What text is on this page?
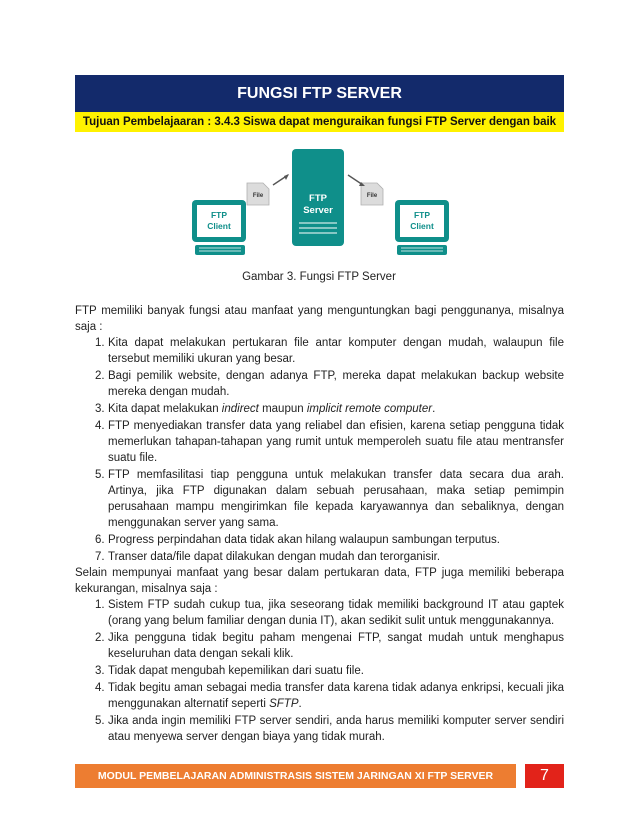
FUNGSI FTP SERVER
Tujuan Pembelajaaran : 3.4.3 Siswa dapat menguraikan fungsi FTP Server dengan baik
FTP
Client
FTP
Client
FTP
Server
File	File
Gambar 3. Fungsi FTP Server
FTP memiliki banyak fungsi atau manfaat yang menguntungkan bagi penggunanya, misalnya saja :
1. Kita dapat melakukan pertukaran file antar komputer dengan mudah, walaupun file tersebut memiliki ukuran yang besar.
2. Bagi pemilik website, dengan adanya FTP, mereka dapat melakukan backup website mereka dengan mudah.
3. Kita dapat melakukan indirect maupun implicit remote computer.
4. FTP menyediakan transfer data yang reliabel dan efisien, karena setiap pengguna tidak memerlukan tahapan-tahapan yang rumit untuk memperoleh suatu file atau mentransfer suatu file.
5. FTP memfasilitasi tiap pengguna untuk melakukan transfer data secara dua arah. Artinya, jika FTP digunakan dalam sebuah perusahaan, maka setiap pemimpin perusahaan mampu mengirimkan file kepada karyawannya dan sebaliknya, dengan menggunakan server yang sama.
6. Progress perpindahan data tidak akan hilang walaupun sambungan terputus.
7. Transer data/file dapat dilakukan dengan mudah dan terorganisir.
Selain mempunyai manfaat yang besar dalam pertukaran data, FTP juga memiliki beberapa kekurangan, misalnya saja :
1. Sistem FTP sudah cukup tua, jika seseorang tidak memiliki background IT atau gaptek (orang yang belum familiar dengan dunia IT), akan sedikit sulit untuk menggunakannya.
2. Jika pengguna tidak begitu paham mengenai FTP, sangat mudah untuk menghapus keseluruhan data dengan sekali klik.
3. Tidak dapat mengubah kepemilikan dari suatu file.
4. Tidak begitu aman sebagai media transfer data karena tidak adanya enkripsi, kecuali jika menggunakan alternatif seperti SFTP.
5. Jika anda ingin memiliki FTP server sendiri, anda harus memiliki komputer server sendiri atau menyewa server dengan biaya yang tidak murah.
MODUL PEMBELAJARAN ADMINISTRASIS SISTEM JARINGAN XI FTP SERVER	7
